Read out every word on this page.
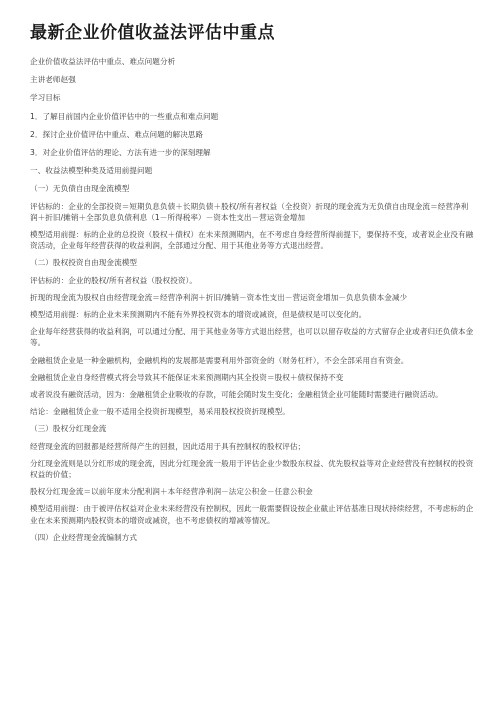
最新企业价值收益法评估中重点

企业价值收益法评估中重点、难点问题分析

主讲老师赵强

学习目标

1．了解目前国内企业价值评估中的一些重点和难点问题

2．探讨企业价值评估中重点、难点问题的解决思路

3．对企业价值评估的理论、方法有进一步的深刻理解

一、收益法模型种类及适用前提问题

（一）无负债自由现金流模型

评估标的：企业的全部投资＝短期负息负债＋长期负债＋股权/所有者权益（全投资）折现的现金流为无负债自由现金流＝经营净利润＋折旧/摊销＋全部负息负债利息（1－所得税率）－资本性支出－营运资金增加

模型适用前提：标的企业的总投资（股权＋债权）在未来预测期内，在不考虑自身经营所得前提下，要保持不变，或者说企业没有融资活动，企业每年经营获得的收益利润，全部通过分配、用于其他业务等方式退出经营。

（二）股权投资自由现金流模型

评估标的：企业的股权/所有者权益（股权投资）。

折现的现金流为股权自由经营现金流＝经营净利润＋折旧/摊销－资本性支出－营运资金增加－负息负债本金减少

模型适用前提：标的企业未来预测期内不能有外界投权资本的增资或减资，但是债权是可以变化的。

企业每年经营获得的收益利润，可以通过分配、用于其他业务等方式退出经营，也可以以留存收益的方式留存企业或者归还负债本金等。

金融租赁企业是一种金融机构，金融机构的发展都是需要利用外部资金的（财务杠杆），不会全部采用自有资金。

金融租赁企业自身经营模式将会导致其不能保证未来预测期内其全投资＝股权＋债权保持不变

或者说没有融资活动，因为：金融租赁企业吸收的存款，可能会随时发生变化；金融租赁企业可能随时需要进行融资活动。

结论：金融租赁企业一般不适用全投资折现模型，易采用股权投资折现模型。

（三）股权分红现金流

经营现金流的回报都是经营所得产生的回报，因此适用于具有控制权的股权评估；

分红现金流则是以分红形成的现金流，因此分红现金流一般用于评估企业少数股东权益、优先股权益等对企业经营没有控制权的投资权益的价值；

股权分红现金流＝以前年度未分配利润＋本年经营净利润－法定公积金－任意公积金

模型适用前提：由于被评估权益对企业未来经营没有控制权，因此一般需要假设按企业截止评估基准日现状持续经营，不考虑标的企业在未来预测期内股权资本的增资或减资，也不考虑债权的增减等情况。

（四）企业经营现金流编制方式
